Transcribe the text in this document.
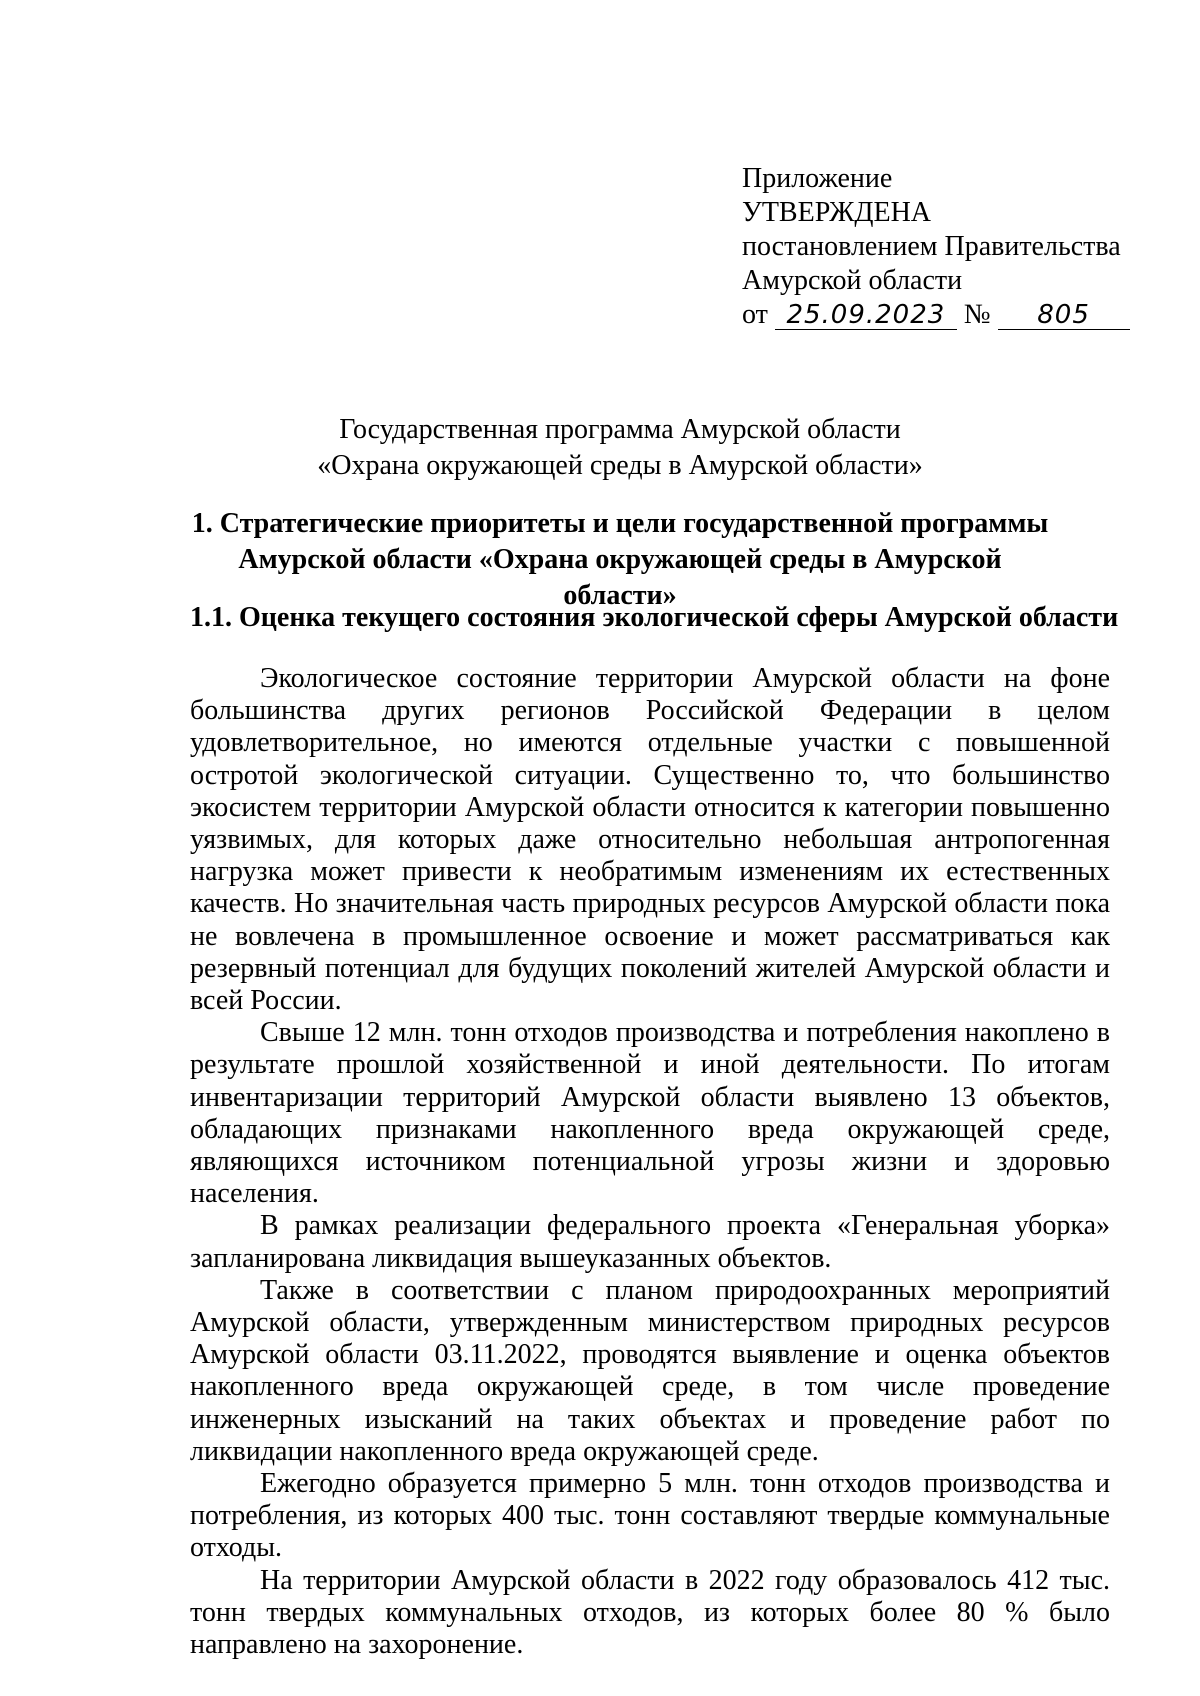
Приложение
УТВЕРЖДЕНА
постановлением Правительства
Амурской области
от 25.09.2023 № 805
Государственная программа Амурской области
«Охрана окружающей среды в Амурской области»
1. Стратегические приоритеты и цели государственной программы
Амурской области «Охрана окружающей среды в Амурской области»
1.1. Оценка текущего состояния экологической сферы Амурской области

Экологическое состояние территории Амурской области на фоне большинства других регионов Российской Федерации в целом удовлетворительное, но имеются отдельные участки с повышенной остротой экологической ситуации. Существенно то, что большинство экосистем территории Амурской области относится к категории повышенно уязвимых, для которых даже относительно небольшая антропогенная нагрузка может привести к необратимым изменениям их естественных качеств. Но значительная часть природных ресурсов Амурской области пока не вовлечена в промышленное освоение и может рассматриваться как резервный потенциал для будущих поколений жителей Амурской области и всей России.

Свыше 12 млн. тонн отходов производства и потребления накоплено в результате прошлой хозяйственной и иной деятельности. По итогам инвентаризации территорий Амурской области выявлено 13 объектов, обладающих признаками накопленного вреда окружающей среде, являющихся источником потенциальной угрозы жизни и здоровью населения.

В рамках реализации федерального проекта «Генеральная уборка» запланирована ликвидация вышеуказанных объектов.

Также в соответствии с планом природоохранных мероприятий Амурской области, утвержденным министерством природных ресурсов Амурской области 03.11.2022, проводятся выявление и оценка объектов накопленного вреда окружающей среде, в том числе проведение инженерных изысканий на таких объектах и проведение работ по ликвидации накопленного вреда окружающей среде.

Ежегодно образуется примерно 5 млн. тонн отходов производства и потребления, из которых 400 тыс. тонн составляют твердые коммунальные отходы.

На территории Амурской области в 2022 году образовалось 412 тыс. тонн твердых коммунальных отходов, из которых более 80 % было направлено на захоронение.
